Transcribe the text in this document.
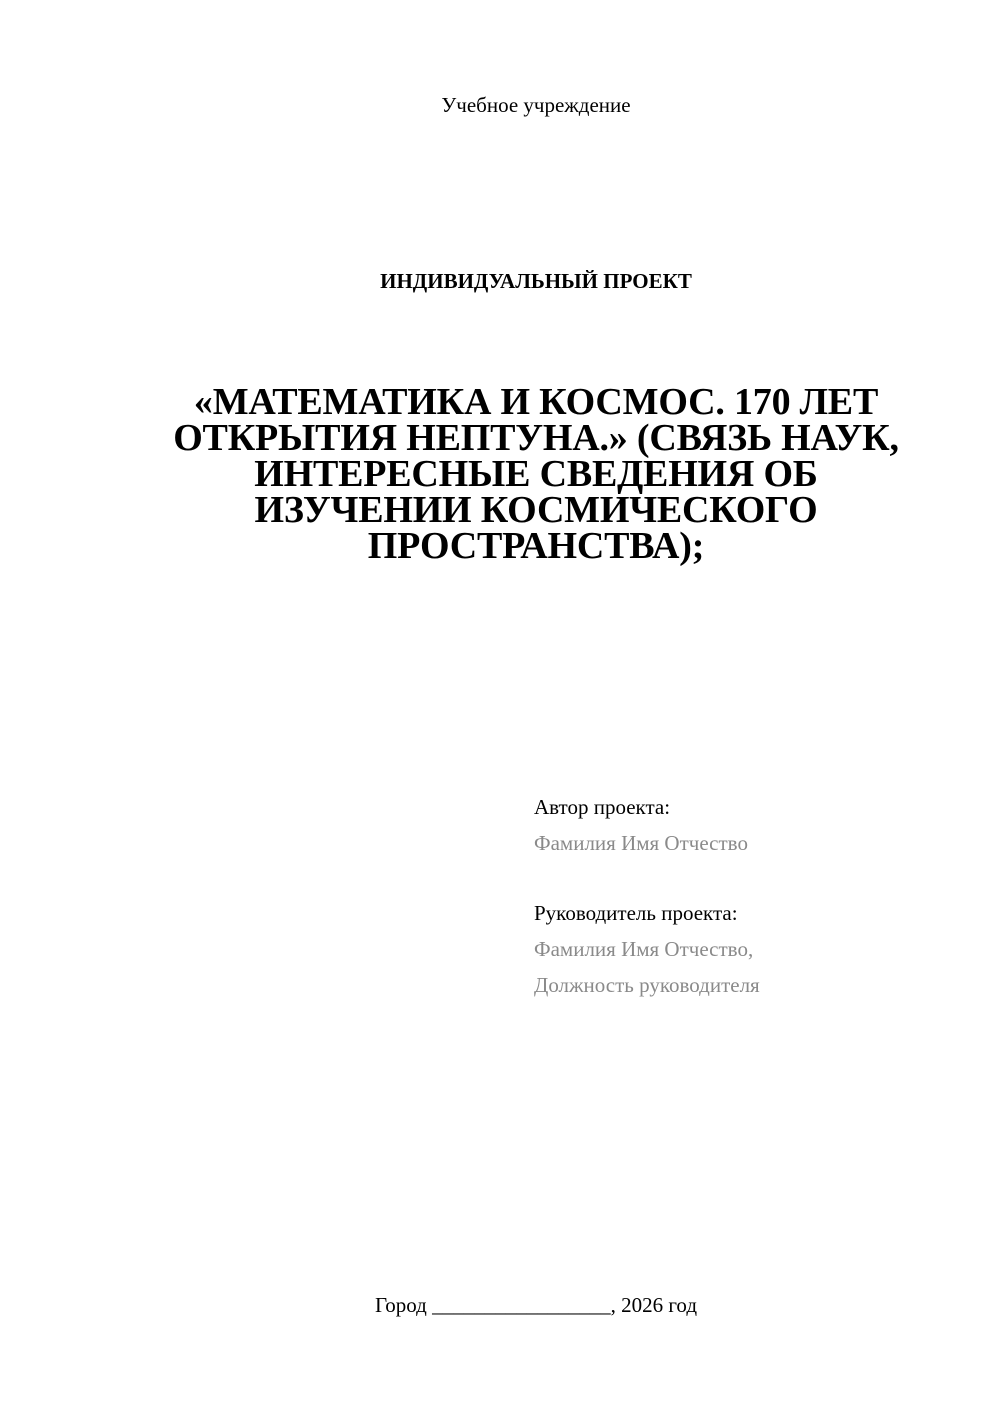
Учебное учреждение
ИНДИВИДУАЛЬНЫЙ ПРОЕКТ
«МАТЕМАТИКА И КОСМОС. 170 ЛЕТ
ОТКРЫТИЯ НЕПТУНА.» (СВЯЗЬ НАУК,
ИНТЕРЕСНЫЕ СВЕДЕНИЯ ОБ
ИЗУЧЕНИИ КОСМИЧЕСКОГО
ПРОСТРАНСТВА);
Автор проекта:
Фамилия Имя Отчество
Руководитель проекта:
Фамилия Имя Отчество,
Должность руководителя
Город _________________, 2026 год
